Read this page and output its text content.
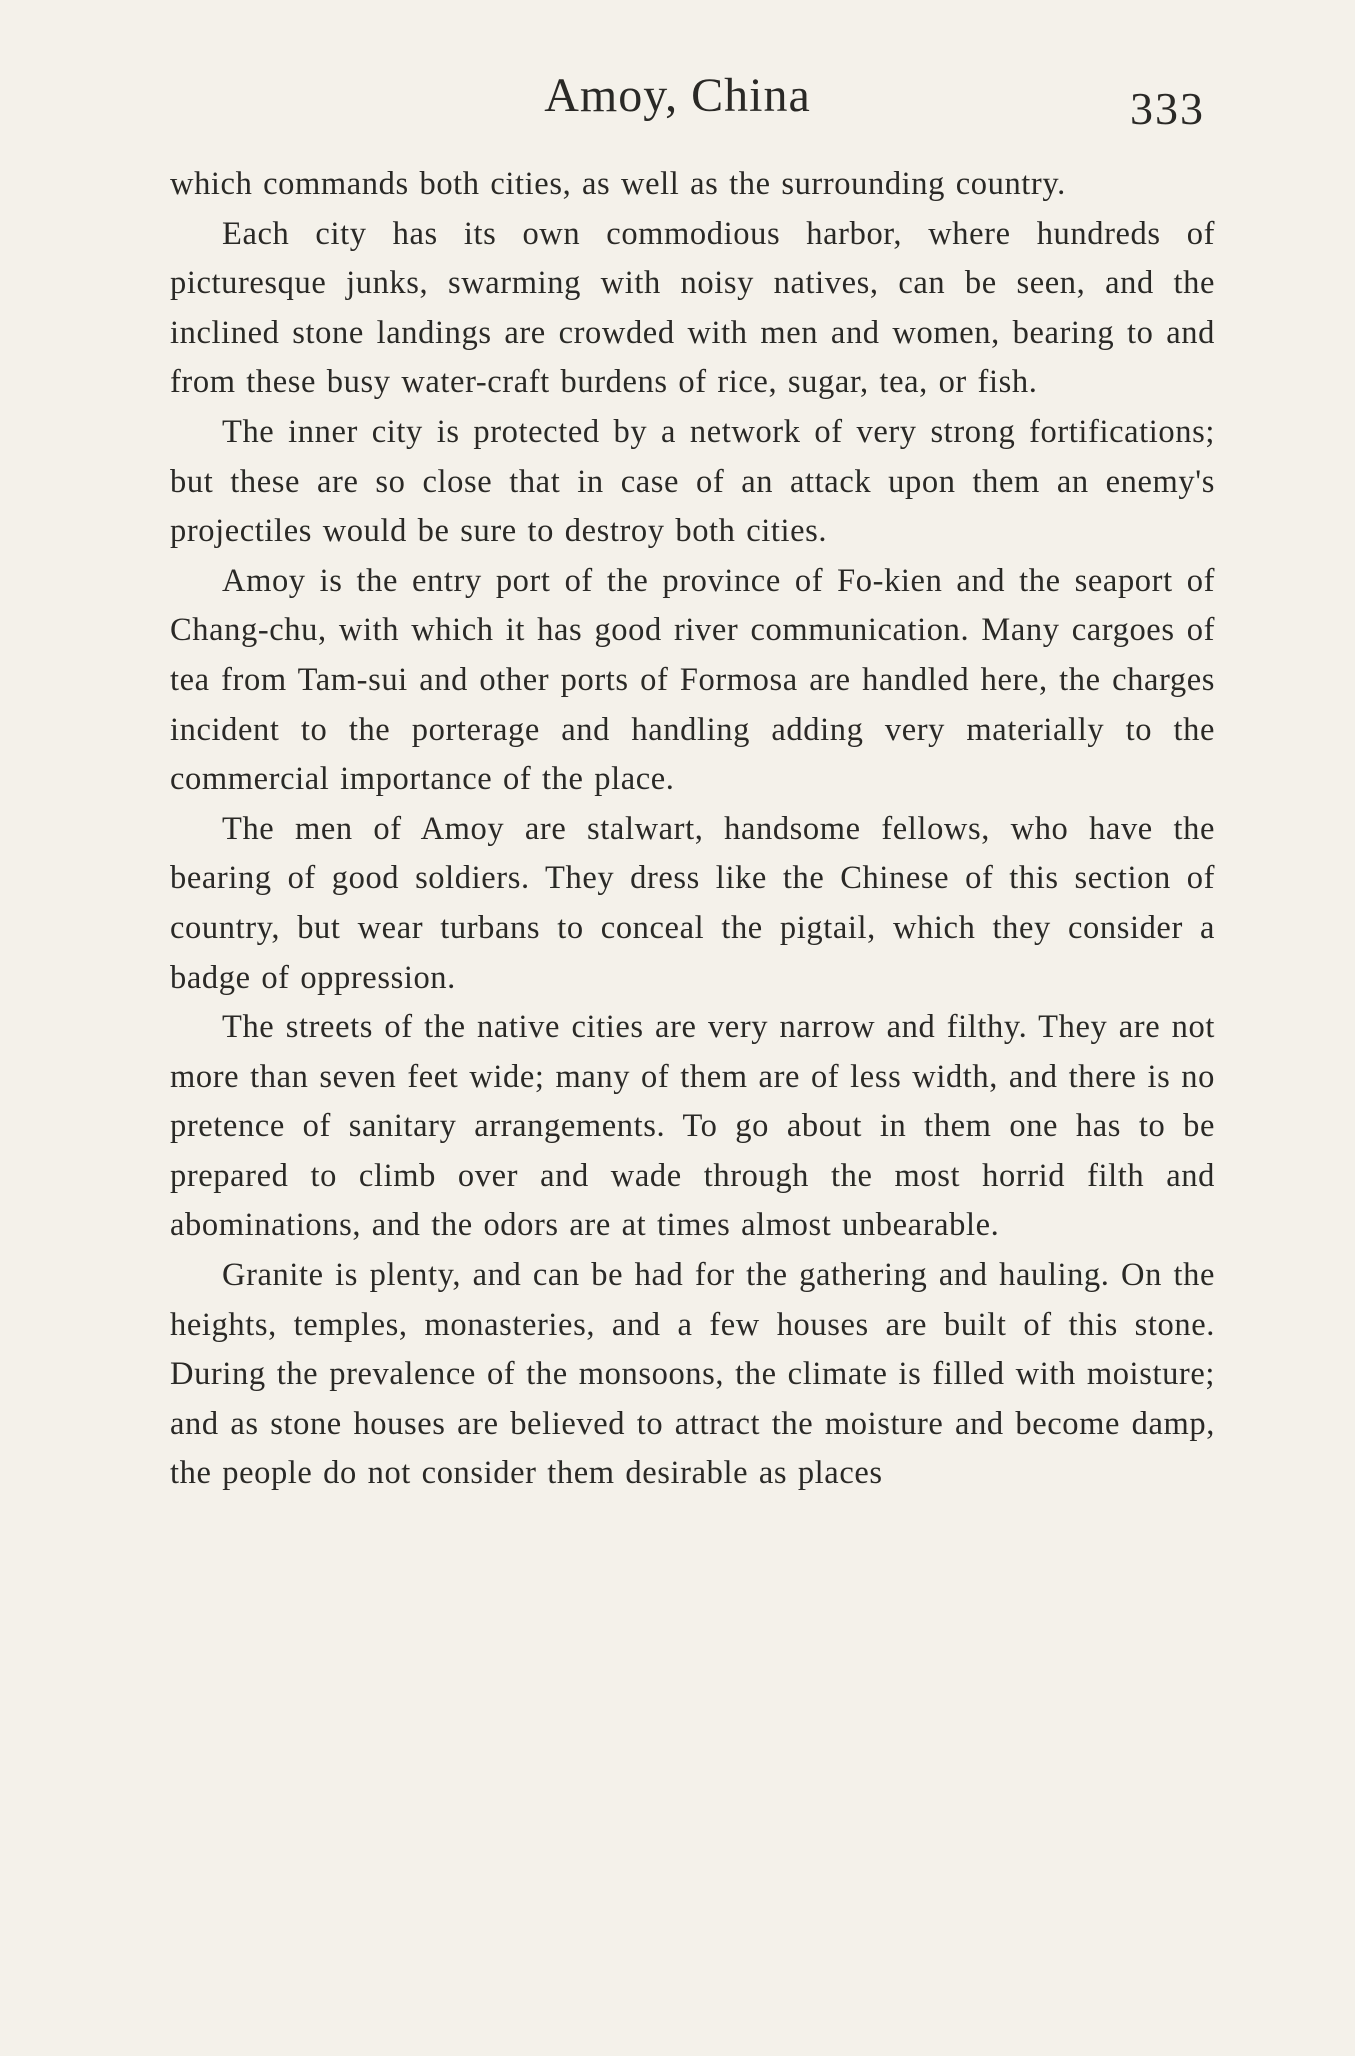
Amoy, China	333

which commands both cities, as well as the surrounding country.

Each city has its own commodious harbor, where hundreds of picturesque junks, swarming with noisy natives, can be seen, and the inclined stone landings are crowded with men and women, bearing to and from these busy water-craft burdens of rice, sugar, tea, or fish.

The inner city is protected by a network of very strong fortifications; but these are so close that in case of an attack upon them an enemy's projectiles would be sure to destroy both cities.

Amoy is the entry port of the province of Fo-kien and the seaport of Chang-chu, with which it has good river communication. Many cargoes of tea from Tam-sui and other ports of Formosa are handled here, the charges incident to the porterage and handling adding very materially to the commercial importance of the place.

The men of Amoy are stalwart, handsome fellows, who have the bearing of good soldiers. They dress like the Chinese of this section of country, but wear turbans to conceal the pigtail, which they consider a badge of oppression.

The streets of the native cities are very narrow and filthy. They are not more than seven feet wide; many of them are of less width, and there is no pretence of sanitary arrangements. To go about in them one has to be prepared to climb over and wade through the most horrid filth and abominations, and the odors are at times almost unbearable.

Granite is plenty, and can be had for the gathering and hauling. On the heights, temples, monasteries, and a few houses are built of this stone. During the prevalence of the monsoons, the climate is filled with moisture; and as stone houses are believed to attract the moisture and become damp, the people do not consider them desirable as places
